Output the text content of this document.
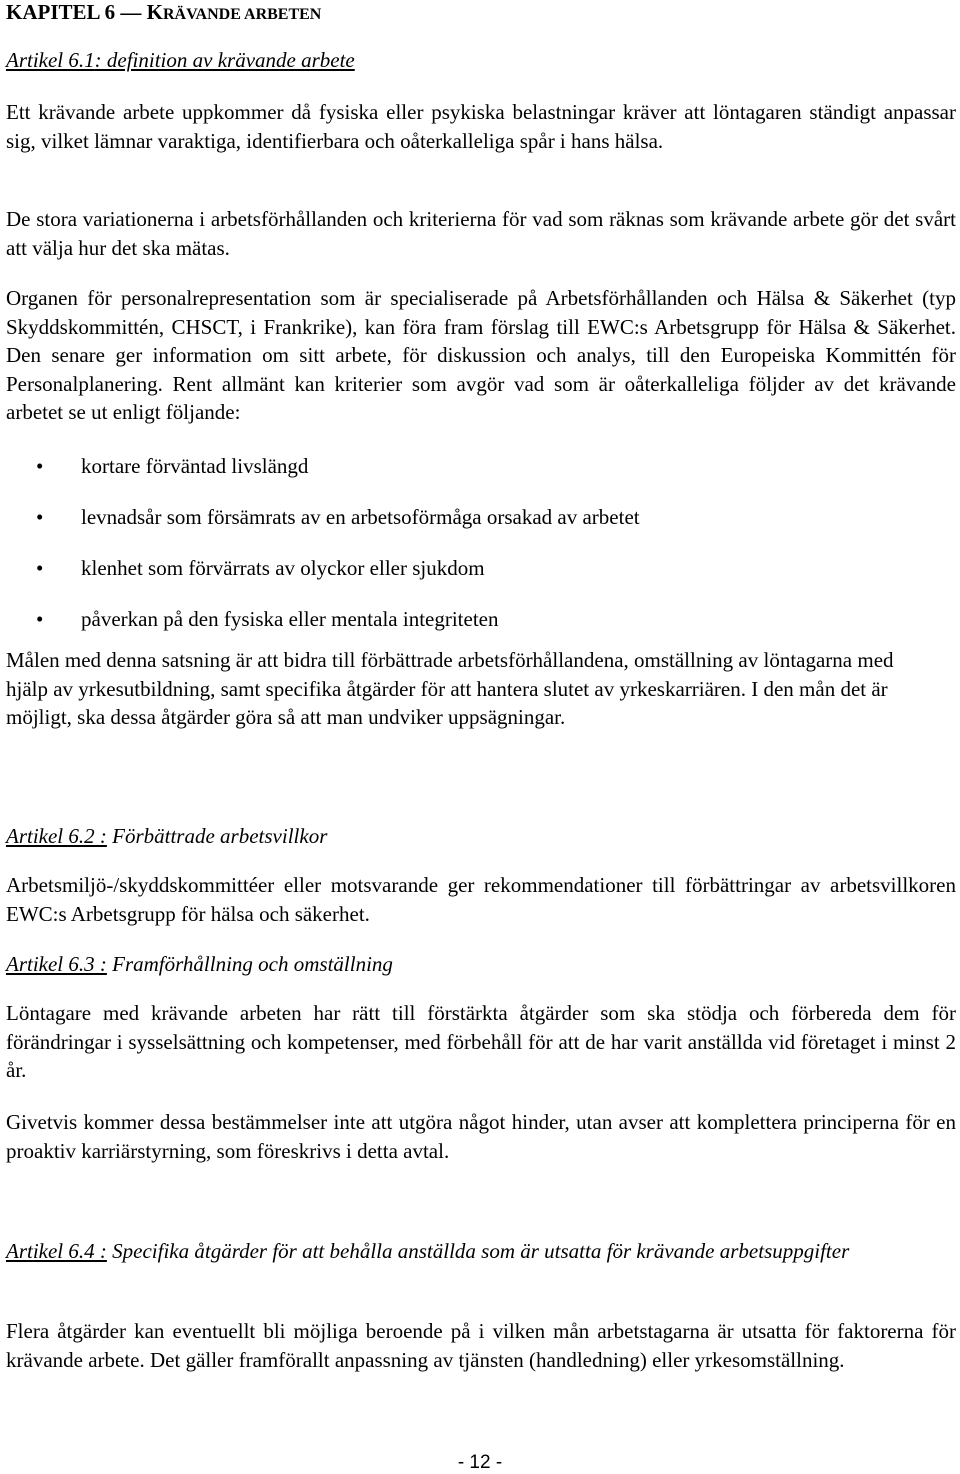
KAPITEL 6 — KRÄVANDE ARBETEN
Artikel 6.1: definition av krävande arbete

Ett krävande arbete uppkommer då fysiska eller psykiska belastningar kräver att löntagaren ständigt anpassar sig, vilket lämnar varaktiga, identifierbara och oåterkalleliga spår i hans hälsa.

De stora variationerna i arbetsförhållanden och kriterierna för vad som räknas som krävande arbete gör det svårt att välja hur det ska mätas.

Organen för personalrepresentation som är specialiserade på Arbetsförhållanden och Hälsa & Säkerhet (typ Skyddskommittén, CHSCT, i Frankrike), kan föra fram förslag till EWC:s Arbetsgrupp för Hälsa & Säkerhet. Den senare ger information om sitt arbete, för diskussion och analys, till den Europeiska Kommittén för Personalplanering. Rent allmänt kan kriterier som avgör vad som är oåterkalleliga följder av det krävande arbetet se ut enligt följande:

• kortare förväntad livslängd
• levnadsår som försämrats av en arbetsoförmåga orsakad av arbetet
• klenhet som förvärrats av olyckor eller sjukdom
• påverkan på den fysiska eller mentala integriteten

Målen med denna satsning är att bidra till förbättrade arbetsförhållandena, omställning av löntagarna med hjälp av yrkesutbildning, samt specifika åtgärder för att hantera slutet av yrkeskarriären. I den mån det är möjligt, ska dessa åtgärder göra så att man undviker uppsägningar.

Artikel 6.2 : Förbättrade arbetsvillkor

Arbetsmiljö-/skyddskommittéer eller motsvarande ger rekommendationer till förbättringar av arbetsvillkoren EWC:s Arbetsgrupp för hälsa och säkerhet.

Artikel 6.3 : Framförhållning och omställning

Löntagare med krävande arbeten har rätt till förstärkta åtgärder som ska stödja och förbereda dem för förändringar i sysselsättning och kompetenser, med förbehåll för att de har varit anställda vid företaget i minst 2 år.

Givetvis kommer dessa bestämmelser inte att utgöra något hinder, utan avser att komplettera principerna för en proaktiv karriärstyrning, som föreskrivs i detta avtal.

Artikel 6.4 : Specifika åtgärder för att behålla anställda som är utsatta för krävande arbetsuppgifter

Flera åtgärder kan eventuellt bli möjliga beroende på i vilken mån arbetstagarna är utsatta för faktorerna för krävande arbete. Det gäller framförallt anpassning av tjänsten (handledning) eller yrkesomställning.

- 12 -
